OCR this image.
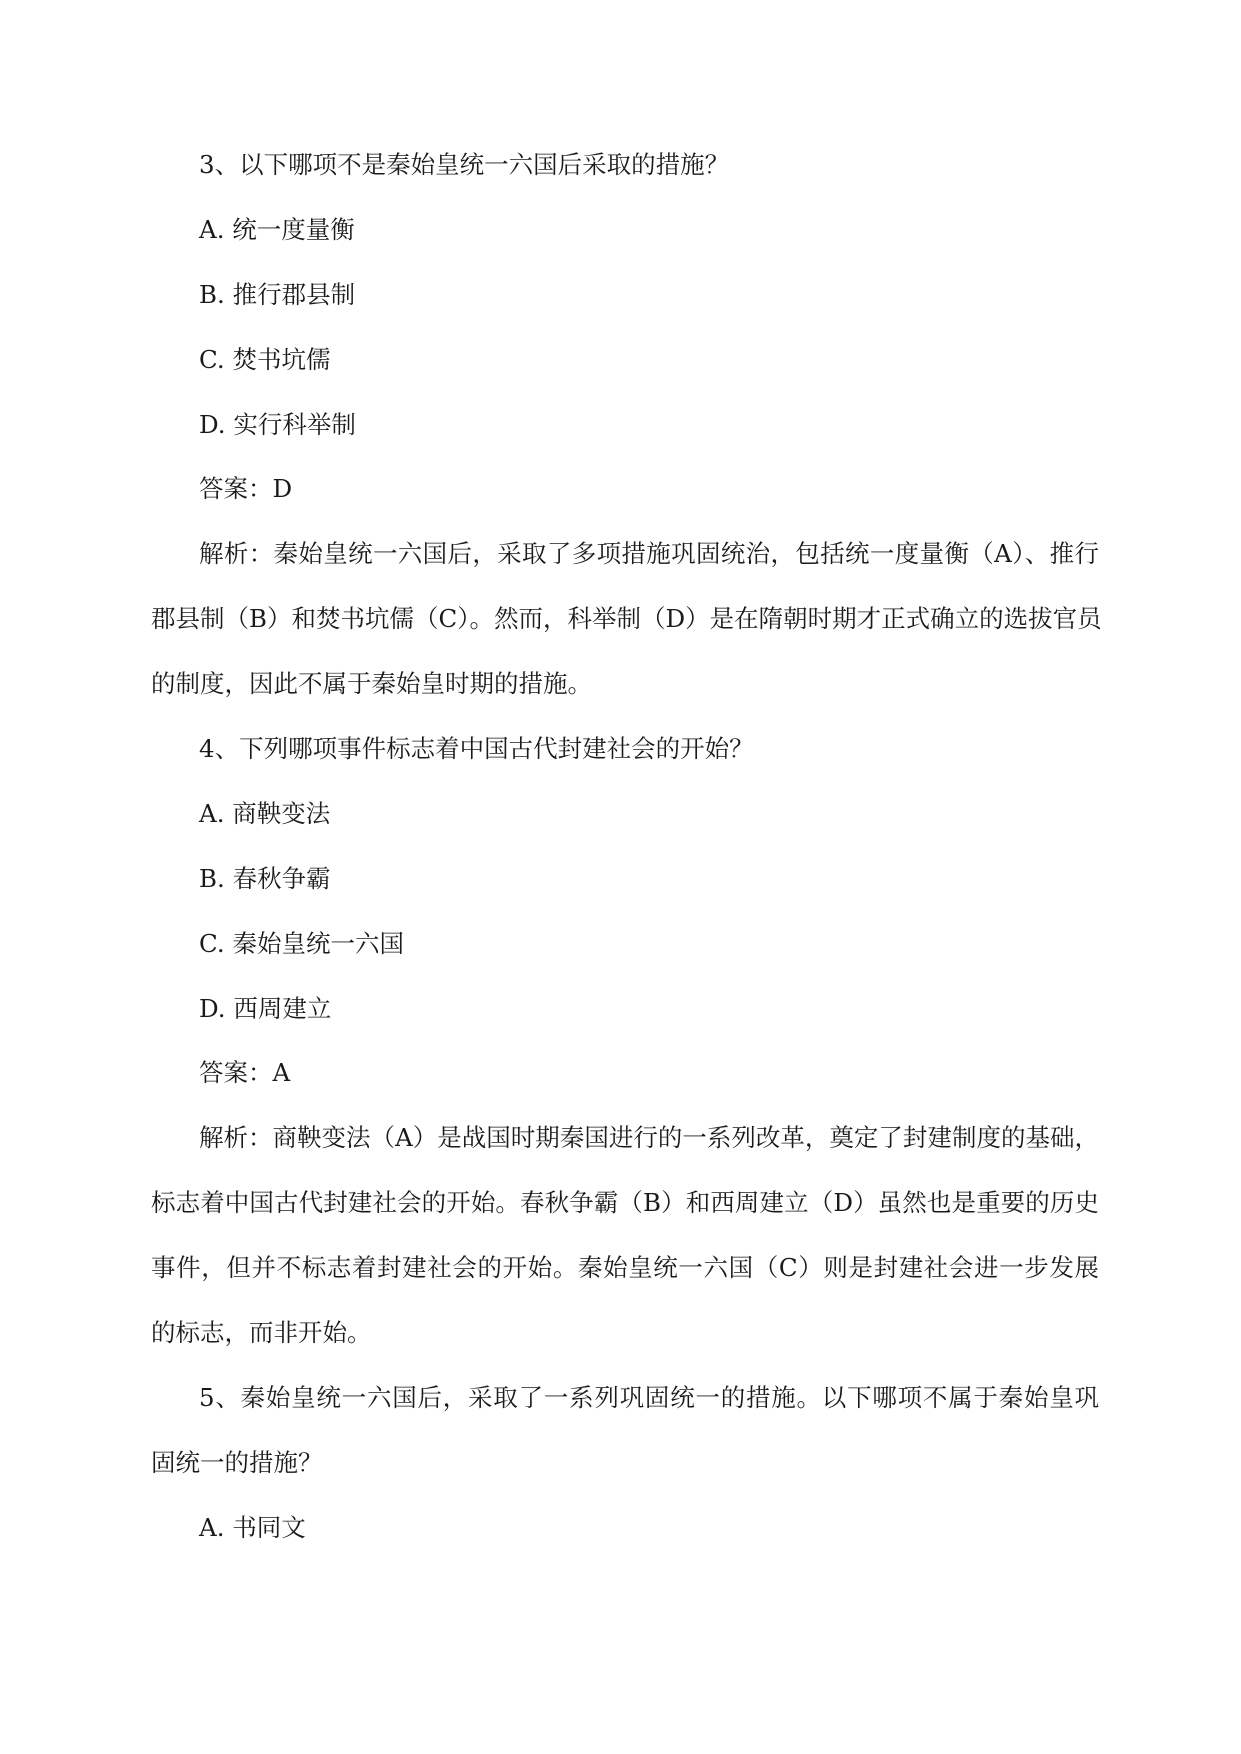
3、以下哪项不是秦始皇统一六国后采取的措施？
A. 统一度量衡
B. 推行郡县制
C. 焚书坑儒
D. 实行科举制
答案：D
解析：秦始皇统一六国后，采取了多项措施巩固统治，包括统一度量衡（A）、推行
郡县制（B）和焚书坑儒（C）。然而，科举制（D）是在隋朝时期才正式确立的选拔官员
的制度，因此不属于秦始皇时期的措施。
4、下列哪项事件标志着中国古代封建社会的开始？
A. 商鞅变法
B. 春秋争霸
C. 秦始皇统一六国
D. 西周建立
答案：A
解析：商鞅变法（A）是战国时期秦国进行的一系列改革，奠定了封建制度的基础，
标志着中国古代封建社会的开始。春秋争霸（B）和西周建立（D）虽然也是重要的历史
事件，但并不标志着封建社会的开始。秦始皇统一六国（C）则是封建社会进一步发展
的标志，而非开始。
5、秦始皇统一六国后，采取了一系列巩固统一的措施。以下哪项不属于秦始皇巩
固统一的措施？
A. 书同文
